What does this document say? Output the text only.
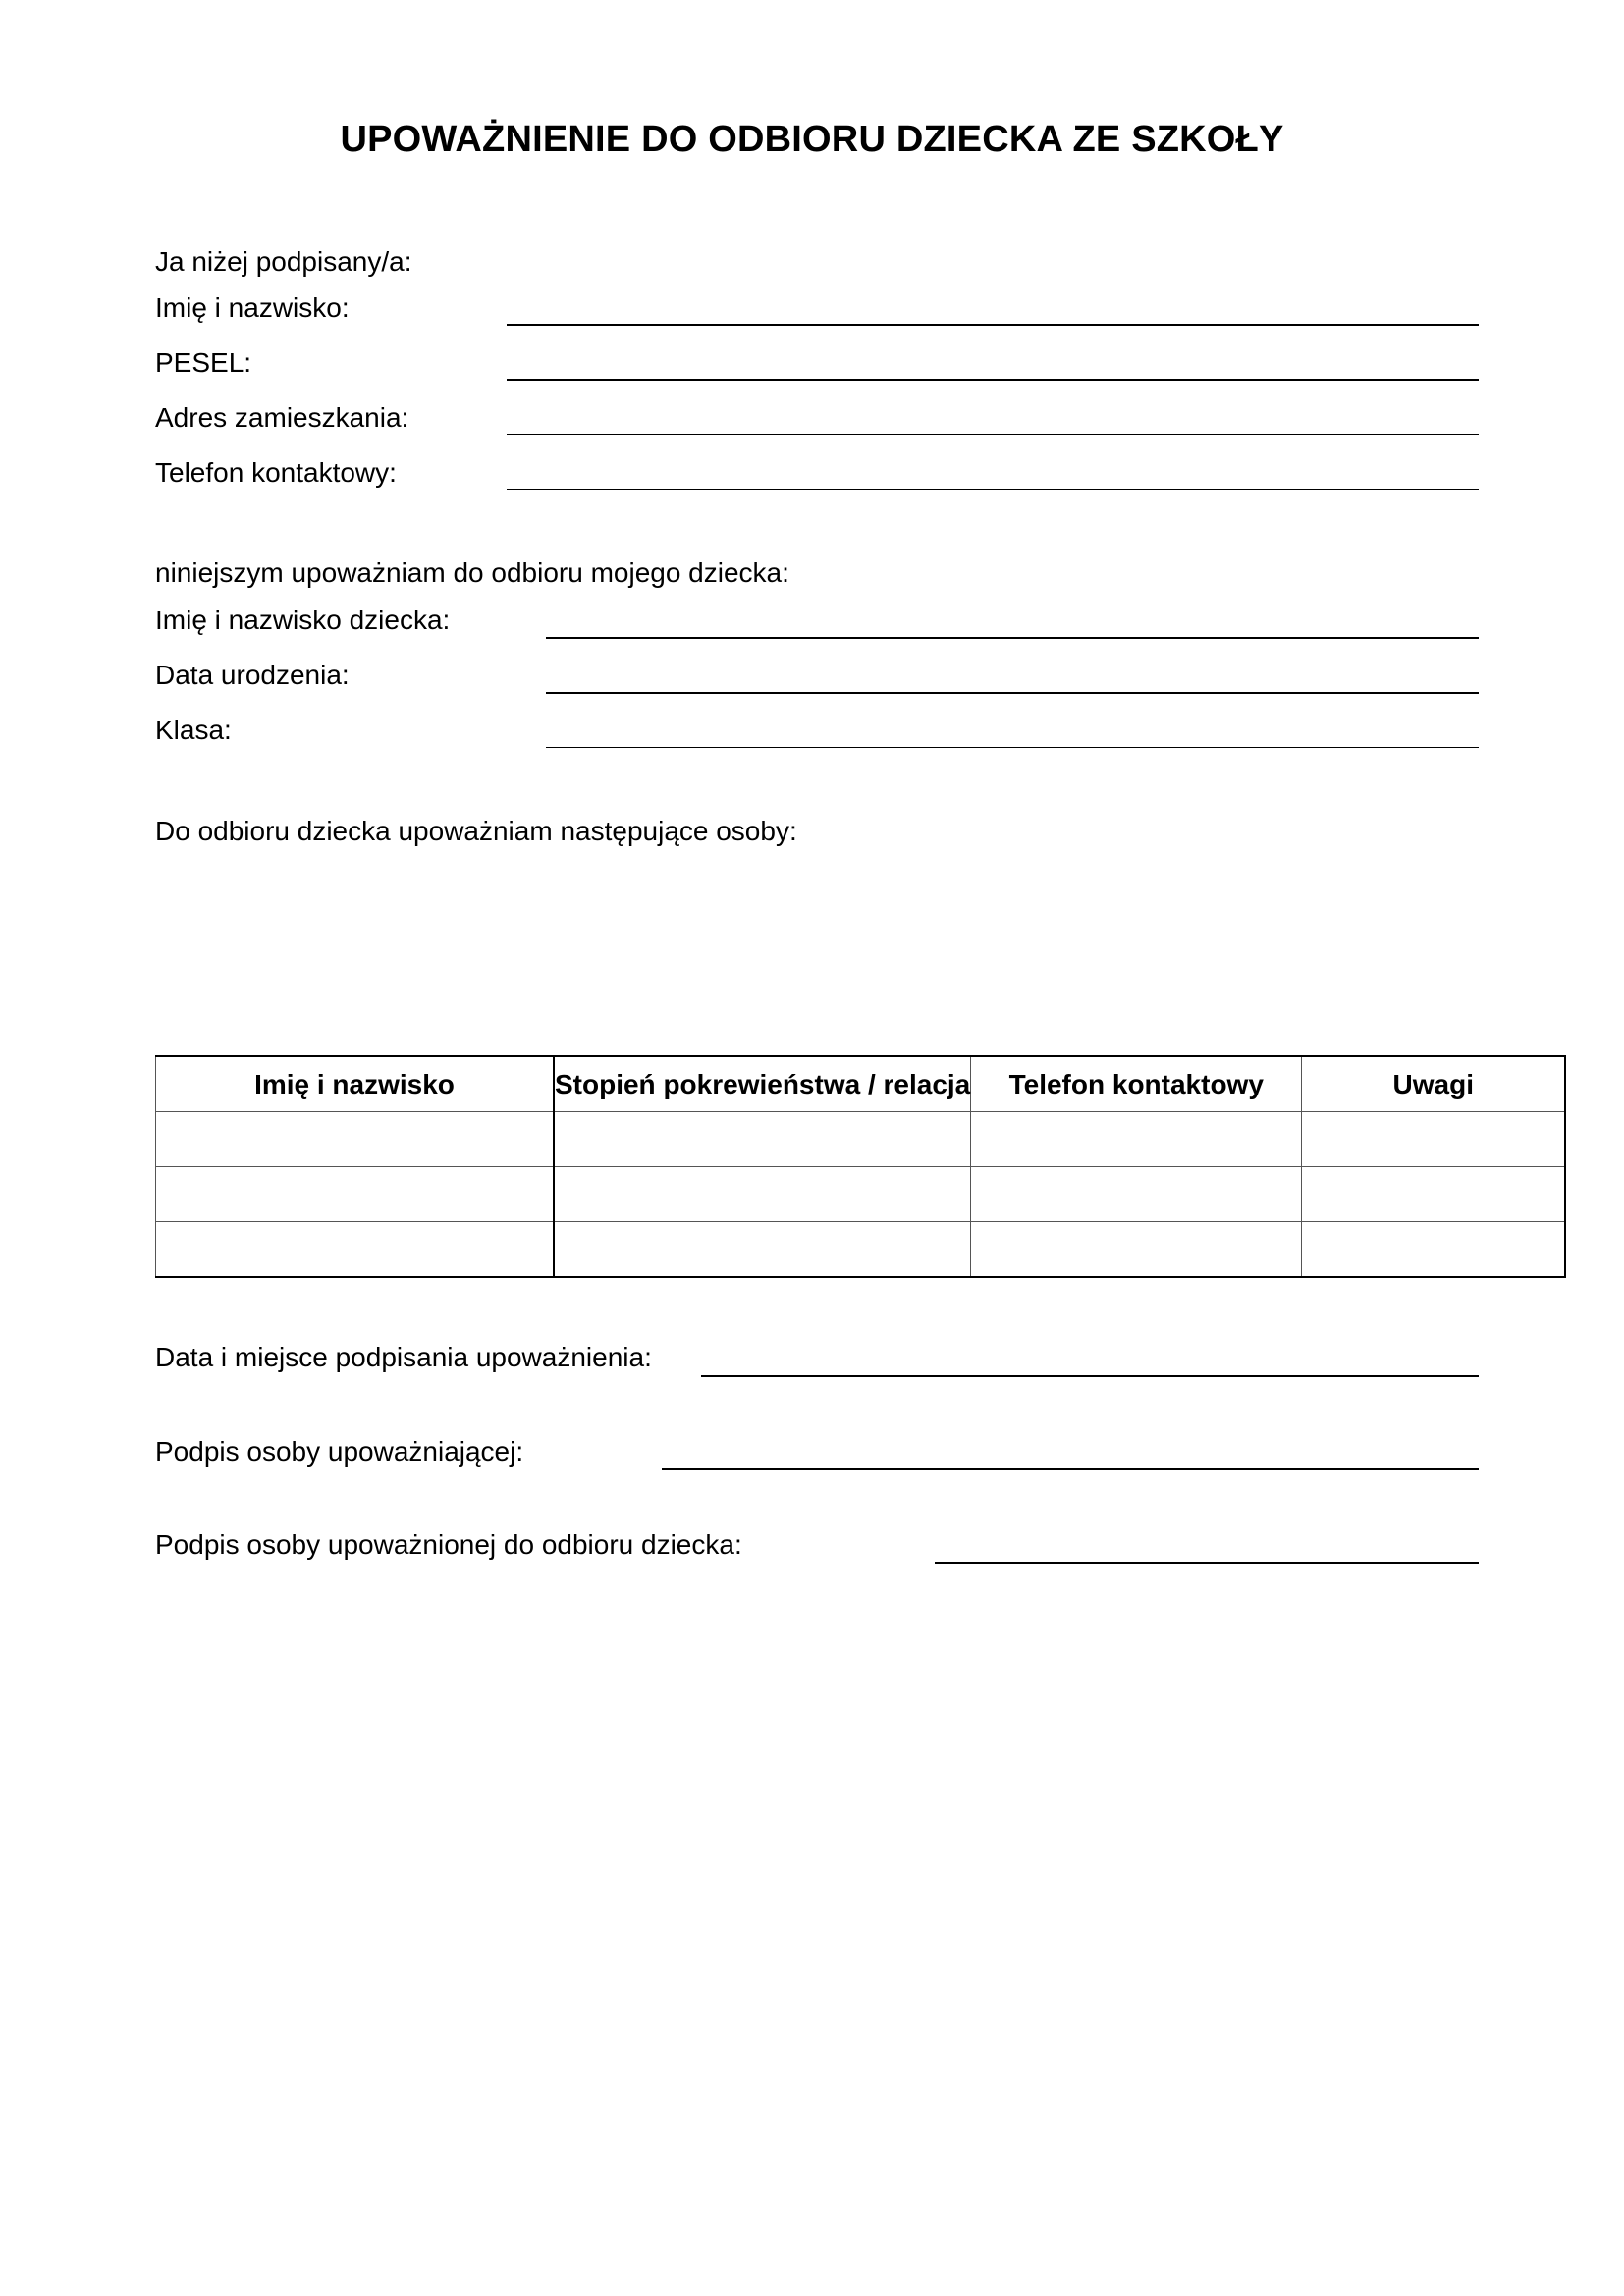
UPOWAŻNIENIE DO ODBIORU DZIECKA ZE SZKOŁY
Ja niżej podpisany/a:
Imię i nazwisko:
PESEL:
Adres zamieszkania:
Telefon kontaktowy:
niniejszym upoważniam do odbioru mojego dziecka:
Imię i nazwisko dziecka:
Data urodzenia:
Klasa:
Do odbioru dziecka upoważniam następujące osoby:
Imię i nazwisko	Stopień pokrewieństwa / relacja	Telefon kontaktowy	Uwagi

Data i miejsce podpisania upoważnienia:
Podpis osoby upoważniającej:
Podpis osoby upoważnionej do odbioru dziecka:
